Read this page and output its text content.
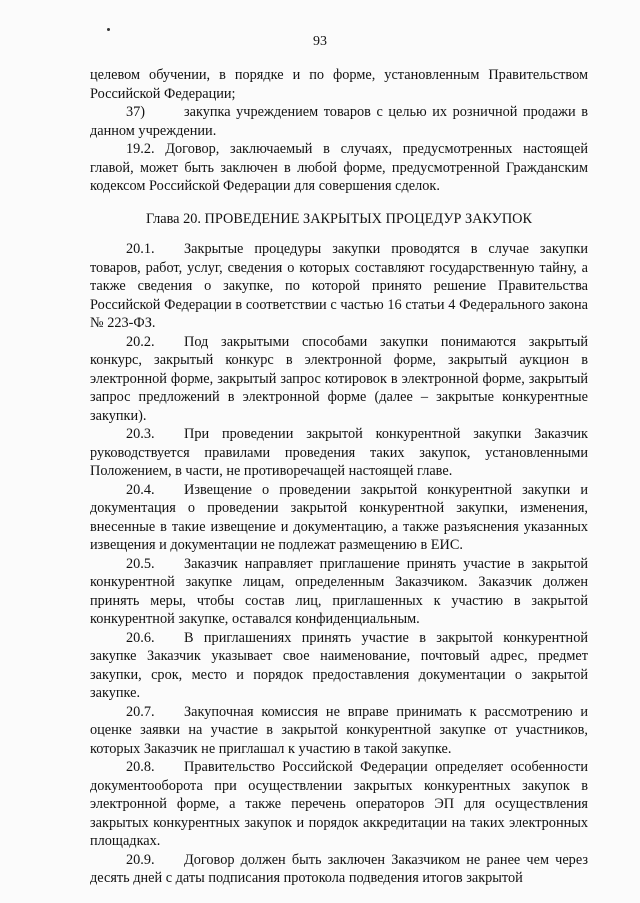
93

целевом обучении, в порядке и по форме, установленным Правительством Российской Федерации;

37)	закупка учреждением товаров с целью их розничной продажи в данном учреждении.

19.2. Договор, заключаемый в случаях, предусмотренных настоящей главой, может быть заключен в любой форме, предусмотренной Гражданским кодексом Российской Федерации для совершения сделок.

Глава 20. ПРОВЕДЕНИЕ ЗАКРЫТЫХ ПРОЦЕДУР ЗАКУПОК

20.1. Закрытые процедуры закупки проводятся в случае закупки товаров, работ, услуг, сведения о которых составляют государственную тайну, а также сведения о закупке, по которой принято решение Правительства Российской Федерации в соответствии с частью 16 статьи 4 Федерального закона № 223-ФЗ.

20.2. Под закрытыми способами закупки понимаются закрытый конкурс, закрытый конкурс в электронной форме, закрытый аукцион в электронной форме, закрытый запрос котировок в электронной форме, закрытый запрос предложений в электронной форме (далее – закрытые конкурентные закупки).

20.3. При проведении закрытой конкурентной закупки Заказчик руководствуется правилами проведения таких закупок, установленными Положением, в части, не противоречащей настоящей главе.

20.4. Извещение о проведении закрытой конкурентной закупки и документация о проведении закрытой конкурентной закупки, изменения, внесенные в такие извещение и документацию, а также разъяснения указанных извещения и документации не подлежат размещению в ЕИС.

20.5. Заказчик направляет приглашение принять участие в закрытой конкурентной закупке лицам, определенным Заказчиком. Заказчик должен принять меры, чтобы состав лиц, приглашенных к участию в закрытой конкурентной закупке, оставался конфиденциальным.

20.6. В приглашениях принять участие в закрытой конкурентной закупке Заказчик указывает свое наименование, почтовый адрес, предмет закупки, срок, место и порядок предоставления документации о закрытой закупке.

20.7. Закупочная комиссия не вправе принимать к рассмотрению и оценке заявки на участие в закрытой конкурентной закупке от участников, которых Заказчик не приглашал к участию в такой закупке.

20.8. Правительство Российской Федерации определяет особенности документооборота при осуществлении закрытых конкурентных закупок в электронной форме, а также перечень операторов ЭП для осуществления закрытых конкурентных закупок и порядок аккредитации на таких электронных площадках.

20.9. Договор должен быть заключен Заказчиком не ранее чем через десять дней с даты подписания протокола подведения итогов закрытой
